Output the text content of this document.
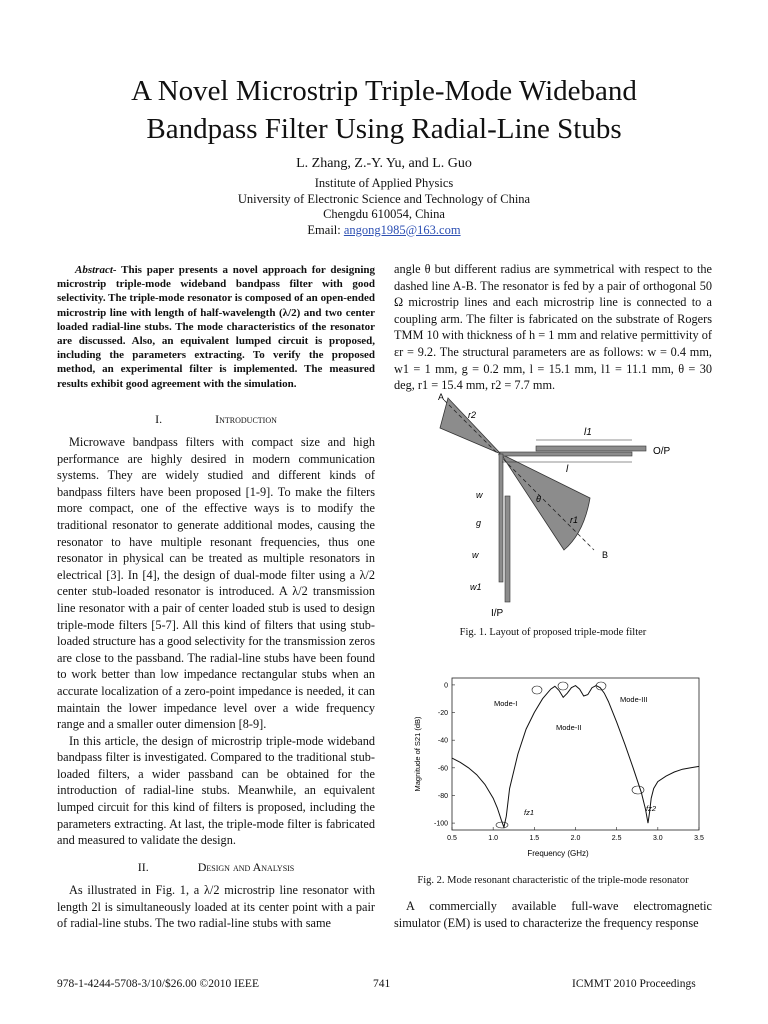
A Novel Microstrip Triple-Mode Wideband
Bandpass Filter Using Radial-Line Stubs
L. Zhang, Z.-Y. Yu, and L. Guo
Institute of Applied Physics
University of Electronic Science and Technology of China
Chengdu 610054, China
Email: angong1985@163.com

Abstract- This paper presents a novel approach for designing microstrip triple-mode wideband bandpass filter with good selectivity. The triple-mode resonator is composed of an open-ended microstrip line with length of half-wavelength (λ/2) and two center loaded radial-line stubs. The mode characteristics of the resonator are discussed. Also, an equivalent lumped circuit is proposed, including the parameters extracting. To verify the proposed method, an experimental filter is implemented. The measured results exhibit good agreement with the simulation.

I.	Introduction

Microwave bandpass filters with compact size and high performance are highly desired in modern communication systems. They are widely studied and different kinds of bandpass filters have been proposed [1-9]. To make the filters more compact, one of the effective ways is to modify the traditional resonator to generate additional modes, causing the resonator to have multiple resonant frequencies, thus one resonator in physical can be treated as multiple resonators in electrical [3]. In [4], the design of dual-mode filter using a λ/2 center stub-loaded resonator is introduced. A λ/2 transmission line resonator with a pair of center loaded stub is used to design triple-mode filters [5-7]. All this kind of filters that using stub-loaded structure has a good selectivity for the transmission zeros are close to the passband. The radial-line stubs have been found to work better than low impedance rectangular stubs when an accurate localization of a zero-point impedance is needed, it can maintain the lower impedance level over a wide frequency range and a smaller outer dimension [8-9].

In this article, the design of microstrip triple-mode wideband bandpass filter is investigated. Compared to the traditional stub-loaded filters, a wider passband can be obtained for the introduction of radial-line stubs. Meanwhile, an equivalent lumped circuit for this kind of filters is proposed, including the parameters extracting. At last, the triple-mode filter is fabricated and measured to validate the design.

II.	Design and Analysis

As illustrated in Fig. 1, a λ/2 microstrip line resonator with length 2l is simultaneously loaded at its center point with a pair of radial-line stubs. The two radial-line stubs with same

angle θ but different radius are symmetrical with respect to the dashed line A-B. The resonator is fed by a pair of orthogonal 50 Ω microstrip lines and each microstrip line is connected to a coupling arm. The filter is fabricated on the substrate of Rogers TMM 10 with thickness of h = 1 mm and relative permittivity of εr = 9.2. The structural parameters are as follows: w = 0.4 mm, w1 = 1 mm, g = 0.2 mm, l = 15.1 mm, l1 = 11.1 mm, θ = 30 deg, r1 = 15.4 mm, r2 = 7.7 mm.

l1
l
A
B
r2
r1
θ
O/P
I/P
w
g
w
w1
Fig. 1. Layout of proposed triple-mode filter
0
-20
-40
-60
-80
-100
0.5	1.0	1.5	2.0	2.5	3.0	3.5
Frequency (GHz)
Magnitude of S21 (dB)
Mode-I
Mode-II
Mode-III
fz1	fz2
Fig. 2. Mode resonant characteristic of the triple-mode resonator

A commercially available full-wave electromagnetic simulator (EM) is used to characterize the frequency response

978-1-4244-5708-3/10/$26.00 ©2010 IEEE	741	ICMMT 2010 Proceedings
